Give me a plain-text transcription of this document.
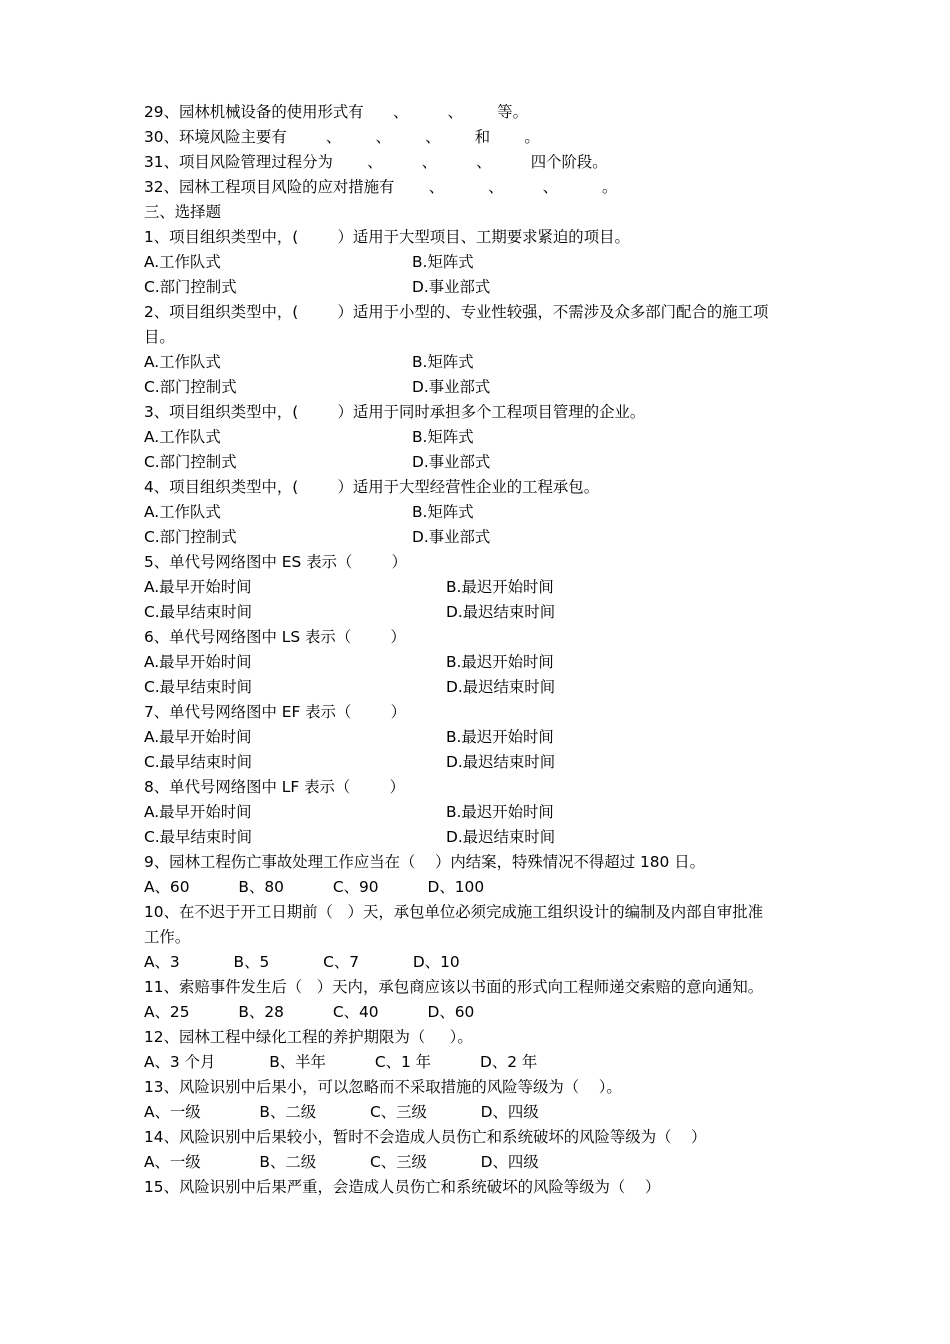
29、园林机械设备的使用形式有      、        、       等。
30、环境风险主要有        、       、       、       和       。
31、项目风险管理过程分为       、        、        、        四个阶段。
32、园林工程项目风险的应对措施有       、         、        、         。
三、选择题
1、项目组织类型中，(        ）适用于大型项目、工期要求紧迫的项目。

A.工作队式

	B.矩阵式

C.部门控制式

	D.事业部式

2、项目组织类型中，(        ）适用于小型的、专业性较强，不需涉及众多部门配合的施工项
目。

A.工作队式

	B.矩阵式

C.部门控制式

	D.事业部式

3、项目组织类型中，(        ）适用于同时承担多个工程项目管理的企业。

A.工作队式

	B.矩阵式

C.部门控制式

	D.事业部式

4、项目组织类型中，(        ）适用于大型经营性企业的工程承包。

A.工作队式

	B.矩阵式

C.部门控制式

	D.事业部式

5、单代号网络图中 ES 表示（        ）

A.最早开始时间

	B.最迟开始时间

C.最早结束时间

	D.最迟结束时间

6、单代号网络图中 LS 表示（        ）

A.最早开始时间

	B.最迟开始时间

C.最早结束时间

	D.最迟结束时间

7、单代号网络图中 EF 表示（        ）

A.最早开始时间

	B.最迟开始时间

C.最早结束时间

	D.最迟结束时间

8、单代号网络图中 LF 表示（        ）

A.最早开始时间

	B.最迟开始时间

C.最早结束时间

	D.最迟结束时间

9、园林工程伤亡事故处理工作应当在（    ）内结案，特殊情况不得超过 180 日。
A、60          B、80          C、90          D、100
10、在不迟于开工日期前（   ）天，承包单位必须完成施工组织设计的编制及内部自审批准
工作。
A、3           B、5           C、7           D、10
11、索赔事件发生后（   ）天内，承包商应该以书面的形式向工程师递交索赔的意向通知。
A、25          B、28          C、40          D、60
12、园林工程中绿化工程的养护期限为（     ）。
A、3 个月           B、半年          C、1 年          D、2 年
13、风险识别中后果小，可以忽略而不采取措施的风险等级为（    ）。
A、一级            B、二级           C、三级           D、四级
14、风险识别中后果较小，暂时不会造成人员伤亡和系统破坏的风险等级为（    ）
A、一级            B、二级           C、三级           D、四级
15、风险识别中后果严重，会造成人员伤亡和系统破坏的风险等级为（    ）
